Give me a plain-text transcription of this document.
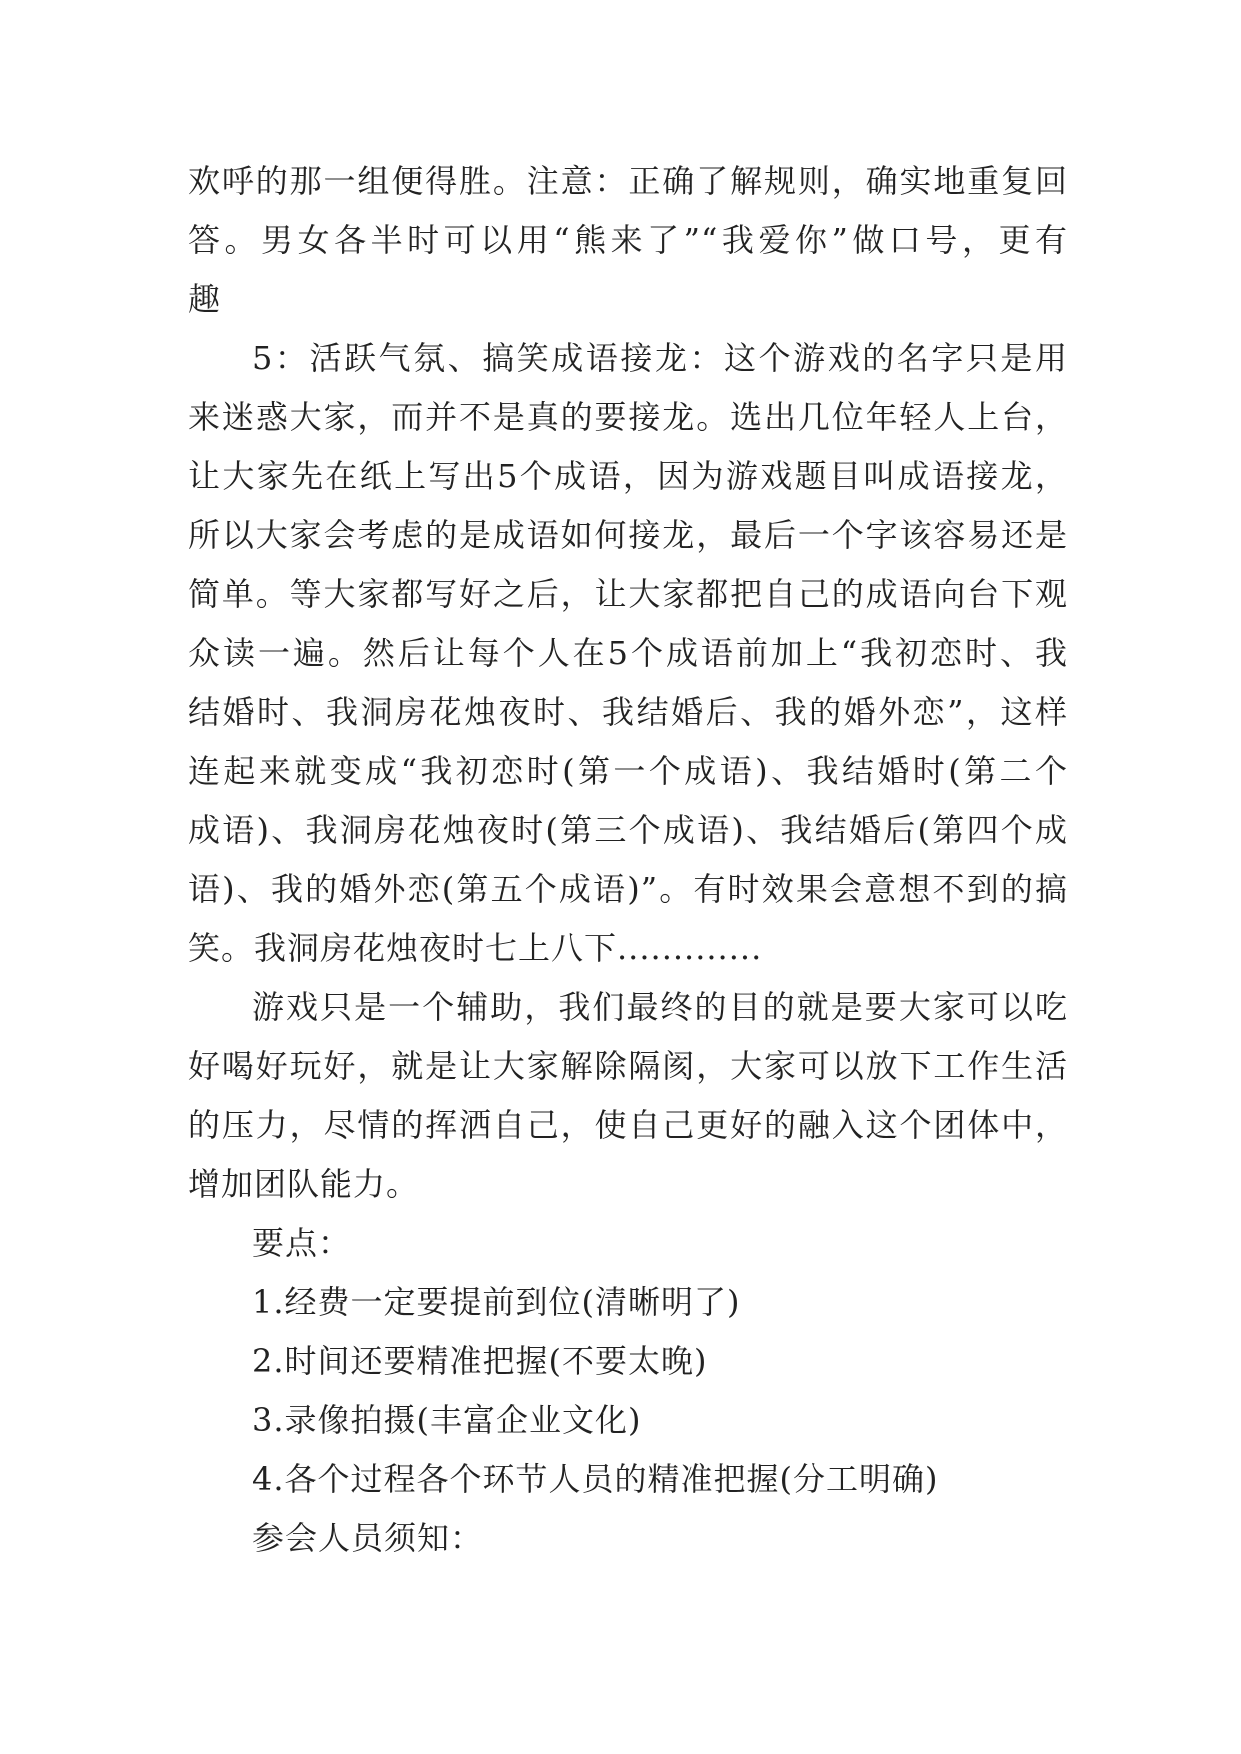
欢呼的那一组便得胜。注意：正确了解规则，确实地重复回
答。男女各半时可以用“熊来了”“我爱你”做口号，更有
趣
5：活跃气氛、搞笑成语接龙：这个游戏的名字只是用
来迷惑大家，而并不是真的要接龙。选出几位年轻人上台，
让大家先在纸上写出5个成语，因为游戏题目叫成语接龙，
所以大家会考虑的是成语如何接龙，最后一个字该容易还是
简单。等大家都写好之后，让大家都把自己的成语向台下观
众读一遍。然后让每个人在5个成语前加上“我初恋时、我
结婚时、我洞房花烛夜时、我结婚后、我的婚外恋”，这样
连起来就变成“我初恋时(第一个成语)、我结婚时(第二个
成语)、我洞房花烛夜时(第三个成语)、我结婚后(第四个成
语)、我的婚外恋(第五个成语)”。有时效果会意想不到的搞
笑。我洞房花烛夜时七上八下.............
游戏只是一个辅助，我们最终的目的就是要大家可以吃
好喝好玩好，就是让大家解除隔阂，大家可以放下工作生活
的压力，尽情的挥洒自己，使自己更好的融入这个团体中，
增加团队能力。
要点：
1.经费一定要提前到位(清晰明了)
2.时间还要精准把握(不要太晚)
3.录像拍摄(丰富企业文化)
4.各个过程各个环节人员的精准把握(分工明确)
参会人员须知：
